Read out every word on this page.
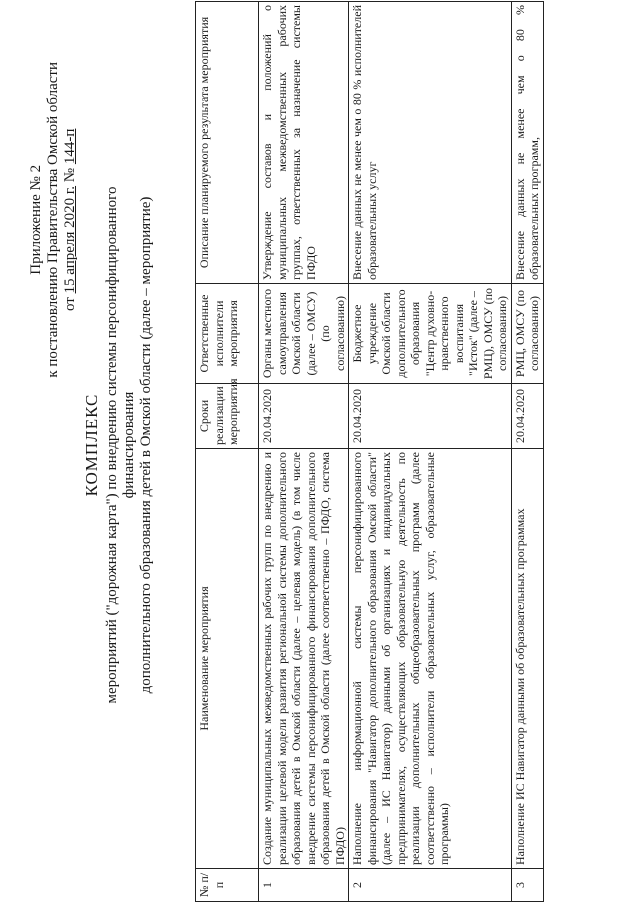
Приложение № 2 к постановлению Правительства Омской области от 15 апреля 2020 г. № 144-п
КОМПЛЕКС мероприятий ("дорожная карта") по внедрению системы персонифицированного финансирования дополнительного образования детей в Омской области (далее – мероприятие)
№ п/п	Наименование мероприятия	Сроки реализации мероприятия	Ответственные исполнители мероприятия	Описание планируемого результата мероприятия
1	Создание муниципальных межведомственных рабочих групп по внедрению и реализации целевой модели развития региональной системы дополнительного образования детей в Омской области (далее – целевая модель) (в том числе внедрение системы персонифицированного финансирования дополнительного образования детей в Омской области (далее соответственно – ПФДО, система ПФДО)	20.04.2020	Органы местного самоуправления Омской области (далее – ОМСУ) (по согласованию)	Утверждение составов и положений о муниципальных межведомственных рабочих группах, ответственных за назначение системы ПФДО
2	Наполнение информационной системы персонифицированного финансирования "Навигатор дополнительного образования Омской области" (далее – ИС Навигатор) данными об организациях и индивидуальных предпринимателях, осуществляющих образовательную деятельность по реализации дополнительных общеобразовательных программ (далее соответственно – исполнители образовательных услуг, образовательные программы)	20.04.2020	Бюджетное учреждение Омской области дополнительного образования "Центр духовно-нравственного воспитания "Исток" (далее – РМЦ), ОМСУ (по согласованию)	Внесение данных не менее чем о 80 % исполнителей образовательных услуг
3	Наполнение ИС Навигатор данными об образовательных программах	20.04.2020	РМЦ, ОМСУ (по согласованию)	Внесение данных не менее чем о 80 % образовательных программ,
